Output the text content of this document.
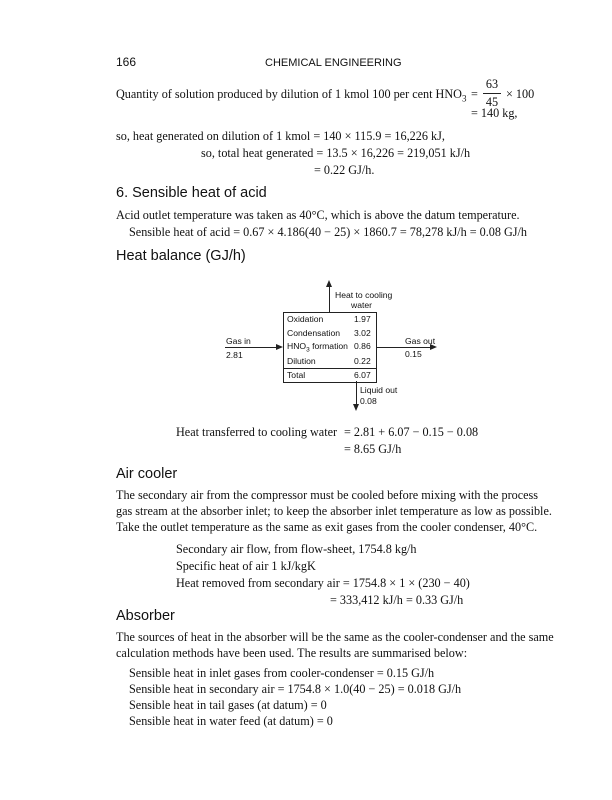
166	CHEMICAL ENGINEERING
Quantity of solution produced by dilution of 1 kmol 100 per cent $HNO_3$ =
63
45
× 100
= 140 kg,
so, heat generated on dilution of 1 kmol = 140 × 115.9 = 16,226 kJ,
so, total heat generated = 13.5 × 16,226 = 219,051 kJ/h
= 0.22 GJ/h.
6. Sensible heat of acid
Acid outlet temperature was taken as 40°C, which is above the datum temperature.
Sensible heat of acid = 0.67 × 4.186(40 − 25) × 1860.7 = 78,278 kJ/h = 0.08 GJ/h
Heat balance (GJ/h)
Heat to cooling
water
Oxidation	1.97
Condensation 3.02
$HNO_3$ formation 0.86
Dilution	0.22
Total	6.07
Gas in
2.81
Gas out
0.15
Liquid out
0.08
Heat transferred to cooling water = 2.81 + 6.07 − 0.15 − 0.08
= 8.65 GJ/h
Air cooler
The secondary air from the compressor must be cooled before mixing with the process
gas stream at the absorber inlet; to keep the absorber inlet temperature as low as possible.
Take the outlet temperature as the same as exit gases from the cooler condenser, 40°C.
Secondary air flow, from flow-sheet, 1754.8 kg/h
Specific heat of air 1 kJ/kgK
Heat removed from secondary air = 1754.8 × 1 × (230 − 40)
= 333,412 kJ/h = 0.33 GJ/h
Absorber
The sources of heat in the absorber will be the same as the cooler-condenser and the same
calculation methods have been used. The results are summarised below:
Sensible heat in inlet gases from cooler-condenser = 0.15 GJ/h
Sensible heat in secondary air = 1754.8 × 1.0(40 − 25) = 0.018 GJ/h
Sensible heat in tail gases (at datum) = 0
Sensible heat in water feed (at datum) = 0
